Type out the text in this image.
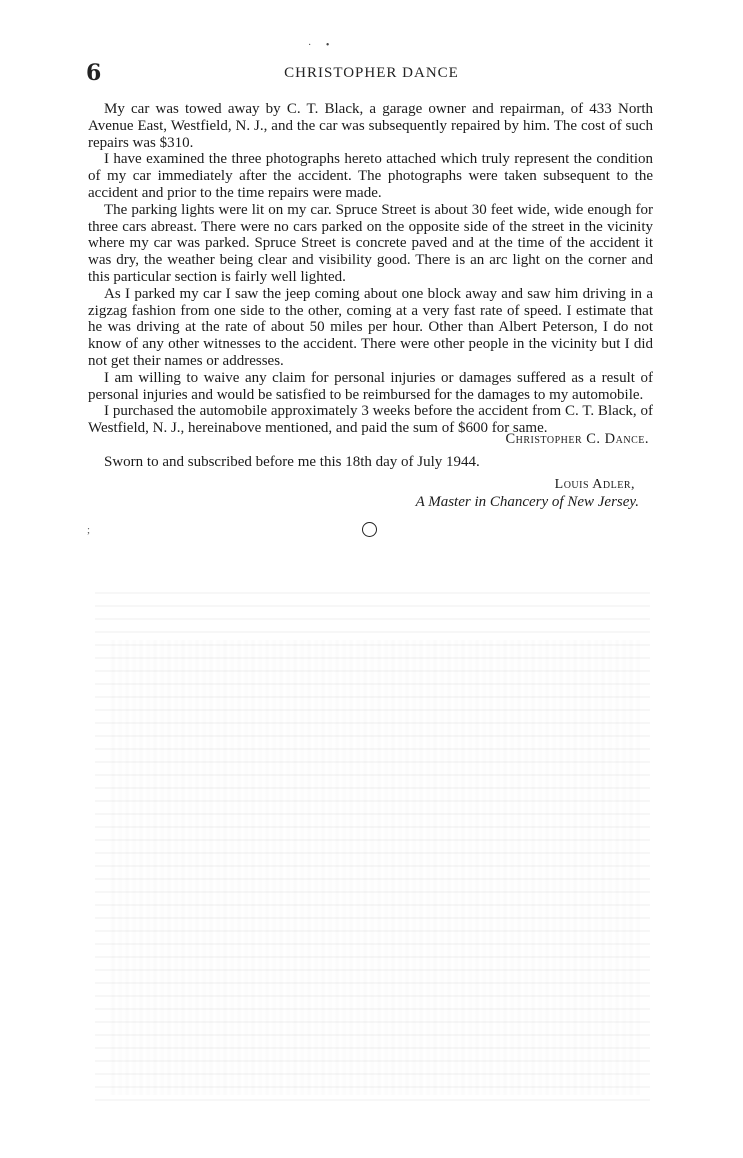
· •
6	CHRISTOPHER DANCE

My car was towed away by C. T. Black, a garage owner and repairman, of 433 North Avenue East, Westfield, N. J., and the car was subsequently repaired by him. The cost of such repairs was $310.

I have examined the three photographs hereto attached which truly represent the condition of my car immediately after the accident. The photographs were taken subsequent to the accident and prior to the time repairs were made.

The parking lights were lit on my car. Spruce Street is about 30 feet wide, wide enough for three cars abreast. There were no cars parked on the opposite side of the street in the vicinity where my car was parked. Spruce Street is concrete paved and at the time of the accident it was dry, the weather being clear and visibility good. There is an arc light on the corner and this particular section is fairly well lighted.

As I parked my car I saw the jeep coming about one block away and saw him driving in a zigzag fashion from one side to the other, coming at a very fast rate of speed. I estimate that he was driving at the rate of about 50 miles per hour. Other than Albert Peterson, I do not know of any other witnesses to the accident. There were other people in the vicinity but I did not get their names or addresses.

I am willing to waive any claim for personal injuries or damages suffered as a result of personal injuries and would be satisfied to be reimbursed for the damages to my automobile.

I purchased the automobile approximately 3 weeks before the accident from C. T. Black, of Westfield, N. J., hereinabove mentioned, and paid the sum of $600 for same.

Christopher C. Dance.
Sworn to and subscribed before me this 18th day of July 1944.
Louis Adler,
A Master in Chancery of New Jersey.
;
